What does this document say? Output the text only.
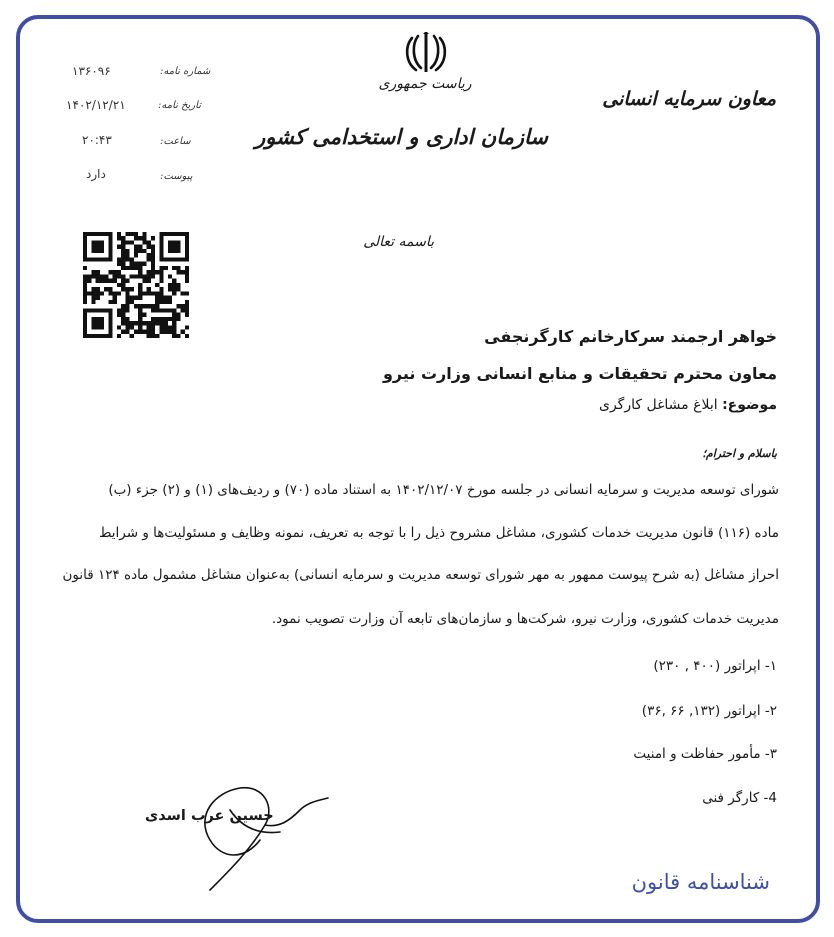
ریاست جمهوری
سازمان اداری و استخدامی کشور
معاون سرمایه انسانی
شماره نامه:
۱۳۶۰۹۶
تاریخ نامه:
۱۴۰۲/۱۲/۲۱
ساعت:
۲۰:۴۳
پیوست:
دارد
باسمه تعالی
خواهر ارجمند سرکارخانم کارگرنجفی
معاون محترم تحقیقات و منابع انسانی وزارت نیرو
موضوع: ابلاغ مشاغل کارگری
باسلام و احترام؛
شورای توسعه مدیریت و سرمایه انسانی در جلسه مورخ ۱۴۰۲/۱۲/۰۷ به استناد ماده (۷۰) و ردیف‌های (۱) و (۲) جزء (ب)
ماده (۱۱۶) قانون مدیریت خدمات کشوری، مشاغل مشروح ذیل را با توجه به تعریف، نمونه وظایف و مسئولیت‌ها و شرایط
احراز مشاغل (به شرح پیوست ممهور به مهر شورای توسعه مدیریت و سرمایه انسانی) به‌عنوان مشاغل مشمول ماده ۱۲۴ قانون
مدیریت خدمات کشوری، وزارت نیرو، شرکت‌ها و سازمان‌های تابعه آن وزارت تصویب نمود.
۱- اپراتور (۴۰۰ , ۲۳۰)
۲- اپراتور (۱۳۲, ۶۶ ,۳۶)
۳- مأمور حفاظت و امنیت
4- کارگر فنی
حسین عرب اسدی
شناسنامه قانون
